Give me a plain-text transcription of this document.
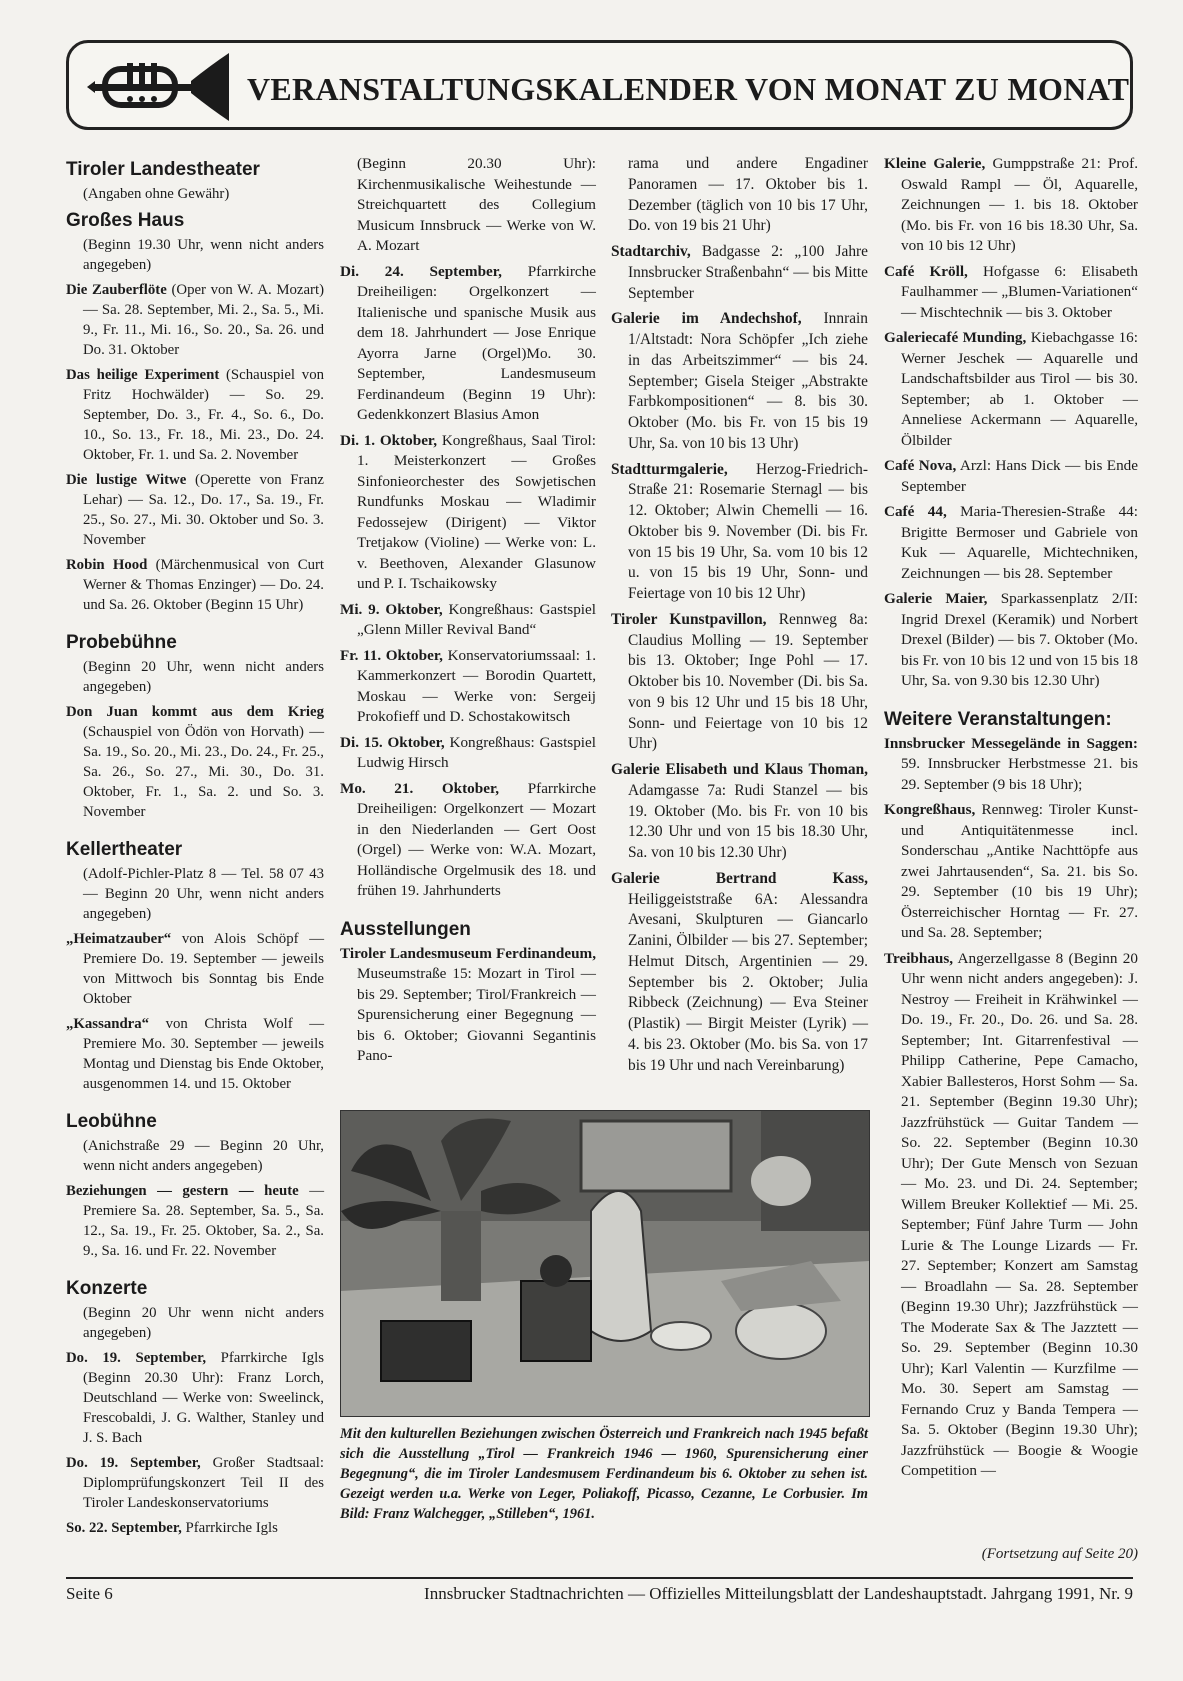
VERANSTALTUNGSKALENDER VON MONAT ZU MONAT
Tiroler Landestheater

(Angaben ohne Gewähr)

Großes Haus

(Beginn 19.30 Uhr, wenn nicht anders angegeben)

Die Zauberflöte (Oper von W. A. Mozart) — Sa. 28. September, Mi. 2., Sa. 5., Mi. 9., Fr. 11., Mi. 16., So. 20., Sa. 26. und Do. 31. Oktober

Das heilige Experiment (Schauspiel von Fritz Hochwälder) — So. 29. September, Do. 3., Fr. 4., So. 6., Do. 10., So. 13., Fr. 18., Mi. 23., Do. 24. Oktober, Fr. 1. und Sa. 2. November

Die lustige Witwe (Operette von Franz Lehar) — Sa. 12., Do. 17., Sa. 19., Fr. 25., So. 27., Mi. 30. Oktober und So. 3. November

Robin Hood (Märchenmusical von Curt Werner & Thomas Enzinger) — Do. 24. und Sa. 26. Oktober (Beginn 15 Uhr)

Probebühne

(Beginn 20 Uhr, wenn nicht anders angegeben)

Don Juan kommt aus dem Krieg (Schauspiel von Ödön von Horvath) — Sa. 19., So. 20., Mi. 23., Do. 24., Fr. 25., Sa. 26., So. 27., Mi. 30., Do. 31. Oktober, Fr. 1., Sa. 2. und So. 3. November

Kellertheater

(Adolf-Pichler-Platz 8 — Tel. 58 07 43 — Beginn 20 Uhr, wenn nicht anders angegeben)

„Heimatzauber“ von Alois Schöpf — Premiere Do. 19. September — jeweils von Mittwoch bis Sonntag bis Ende Oktober

„Kassandra“ von Christa Wolf — Premiere Mo. 30. September — jeweils Montag und Dienstag bis Ende Oktober, ausgenommen 14. und 15. Oktober

Leobühne

(Anichstraße 29 — Beginn 20 Uhr, wenn nicht anders angegeben)

Beziehungen — gestern — heute — Premiere Sa. 28. September, Sa. 5., Sa. 12., Sa. 19., Fr. 25. Oktober, Sa. 2., Sa. 9., Sa. 16. und Fr. 22. November

Konzerte

(Beginn 20 Uhr wenn nicht anders angegeben)

Do. 19. September, Pfarrkirche Igls (Beginn 20.30 Uhr): Franz Lorch, Deutschland — Werke von: Sweelinck, Frescobaldi, J. G. Walther, Stanley und J. S. Bach

Do. 19. September, Großer Stadtsaal: Diplomprüfungskonzert Teil II des Tiroler Landeskonservatoriums

So. 22. September, Pfarrkirche Igls

(Beginn 20.30 Uhr): Kirchenmusikalische Weihestunde — Streichquartett des Collegium Musicum Innsbruck — Werke von W. A. Mozart

Di. 24. September, Pfarrkirche Dreiheiligen: Orgelkonzert — Italienische und spanische Musik aus dem 18. Jahrhundert — Jose Enrique Ayorra Jarne (Orgel)Mo. 30. September, Landesmuseum Ferdinandeum (Beginn 19 Uhr): Gedenkkonzert Blasius Amon

Di. 1. Oktober, Kongreßhaus, Saal Tirol: 1. Meisterkonzert — Großes Sinfonieorchester des Sowjetischen Rundfunks Moskau — Wladimir Fedossejew (Dirigent) — Viktor Tretjakow (Violine) — Werke von: L. v. Beethoven, Alexander Glasunow und P. I. Tschaikowsky

Mi. 9. Oktober, Kongreßhaus: Gastspiel „Glenn Miller Revival Band“

Fr. 11. Oktober, Konservatoriumssaal: 1. Kammerkonzert — Borodin Quartett, Moskau — Werke von: Sergeij Prokofieff und D. Schostakowitsch

Di. 15. Oktober, Kongreßhaus: Gastspiel Ludwig Hirsch

Mo. 21. Oktober, Pfarrkirche Dreiheiligen: Orgelkonzert — Mozart in den Niederlanden — Gert Oost (Orgel) — Werke von: W.A. Mozart, Holländische Orgelmusik des 18. und frühen 19. Jahrhunderts

Ausstellungen

Tiroler Landesmuseum Ferdinandeum, Museumstraße 15: Mozart in Tirol — bis 29. September; Tirol/Frankreich — Spurensicherung einer Begegnung — bis 6. Oktober; Giovanni Segantinis Pano-

rama und andere Engadiner Panoramen — 17. Oktober bis 1. Dezember (täglich von 10 bis 17 Uhr, Do. von 19 bis 21 Uhr)

Stadtarchiv, Badgasse 2: „100 Jahre Innsbrucker Straßenbahn“ — bis Mitte September

Galerie im Andechshof, Innrain 1/Altstadt: Nora Schöpfer „Ich ziehe in das Arbeitszimmer“ — bis 24. September; Gisela Steiger „Abstrakte Farbkompositionen“ — 8. bis 30. Oktober (Mo. bis Fr. von 15 bis 19 Uhr, Sa. von 10 bis 13 Uhr)

Stadtturmgalerie, Herzog-Friedrich-Straße 21: Rosemarie Sternagl — bis 12. Oktober; Alwin Chemelli — 16. Oktober bis 9. November (Di. bis Fr. von 15 bis 19 Uhr, Sa. vom 10 bis 12 u. von 15 bis 19 Uhr, Sonn- und Feiertage von 10 bis 12 Uhr)

Tiroler Kunstpavillon, Rennweg 8a: Claudius Molling — 19. September bis 13. Oktober; Inge Pohl — 17. Oktober bis 10. November (Di. bis Sa. von 9 bis 12 Uhr und 15 bis 18 Uhr, Sonn- und Feiertage von 10 bis 12 Uhr)

Galerie Elisabeth und Klaus Thoman, Adamgasse 7a: Rudi Stanzel — bis 19. Oktober (Mo. bis Fr. von 10 bis 12.30 Uhr und von 15 bis 18.30 Uhr, Sa. von 10 bis 12.30 Uhr)

Galerie Bertrand Kass, Heiliggeiststraße 6A: Alessandra Avesani, Skulpturen — Giancarlo Zanini, Ölbilder — bis 27. September; Helmut Ditsch, Argentinien — 29. September bis 2. Oktober; Julia Ribbeck (Zeichnung) — Eva Steiner (Plastik) — Birgit Meister (Lyrik) — 4. bis 23. Oktober (Mo. bis Sa. von 17 bis 19 Uhr und nach Vereinbarung)

Kleine Galerie, Gumppstraße 21: Prof. Oswald Rampl — Öl, Aquarelle, Zeichnungen — 1. bis 18. Oktober (Mo. bis Fr. von 16 bis 18.30 Uhr, Sa. von 10 bis 12 Uhr)

Café Kröll, Hofgasse 6: Elisabeth Faulhammer — „Blumen-Variationen“ — Mischtechnik — bis 3. Oktober

Galeriecafé Munding, Kiebachgasse 16: Werner Jeschek — Aquarelle und Landschaftsbilder aus Tirol — bis 30. September; ab 1. Oktober — Anneliese Ackermann — Aquarelle, Ölbilder

Café Nova, Arzl: Hans Dick — bis Ende September

Café 44, Maria-Theresien-Straße 44: Brigitte Bermoser und Gabriele von Kuk — Aquarelle, Michtechniken, Zeichnungen — bis 28. September

Galerie Maier, Sparkassenplatz 2/II: Ingrid Drexel (Keramik) und Norbert Drexel (Bilder) — bis 7. Oktober (Mo. bis Fr. von 10 bis 12 und von 15 bis 18 Uhr, Sa. von 9.30 bis 12.30 Uhr)

Weitere Veranstaltungen:

Innsbrucker Messegelände in Saggen: 59. Innsbrucker Herbstmesse 21. bis 29. September (9 bis 18 Uhr);

Kongreßhaus, Rennweg: Tiroler Kunst- und Antiquitätenmesse incl. Sonderschau „Antike Nachttöpfe aus zwei Jahrtausenden“, Sa. 21. bis So. 29. September (10 bis 19 Uhr); Österreichischer Horntag — Fr. 27. und Sa. 28. September;

Treibhaus, Angerzellgasse 8 (Beginn 20 Uhr wenn nicht anders angegeben): J. Nestroy — Freiheit in Krähwinkel — Do. 19., Fr. 20., Do. 26. und Sa. 28. September; Int. Gitarrenfestival — Philipp Catherine, Pepe Camacho, Xabier Ballesteros, Horst Sohm — Sa. 21. September (Beginn 19.30 Uhr); Jazzfrühstück — Guitar Tandem — So. 22. September (Beginn 10.30 Uhr); Der Gute Mensch von Sezuan — Mo. 23. und Di. 24. September; Willem Breuker Kollektief — Mi. 25. September; Fünf Jahre Turm — John Lurie & The Lounge Lizards — Fr. 27. September; Konzert am Samstag — Broadlahn — Sa. 28. September (Beginn 19.30 Uhr); Jazzfrühstück — The Moderate Sax & The Jazztett — So. 29. September (Beginn 10.30 Uhr); Karl Valentin — Kurzfilme — Mo. 30. Sepert am Samstag — Fernando Cruz y Banda Tempera — Sa. 5. Oktober (Beginn 19.30 Uhr); Jazzfrühstück — Boogie & Woogie Competition —

Mit den kulturellen Beziehungen zwischen Österreich und Frankreich nach 1945 befaßt sich die Ausstellung „Tirol — Frankreich 1946 — 1960, Spurensicherung einer Begegnung“, die im Tiroler Landesmusem Ferdinandeum bis 6. Oktober zu sehen ist. Gezeigt werden u.a. Werke von Leger, Poliakoff, Picasso, Cezanne, Le Corbusier. Im Bild: Franz Walchegger, „Stilleben“, 1961.
(Fortsetzung auf Seite 20)
Seite 6	Innsbrucker Stadtnachrichten — Offizielles Mitteilungsblatt der Landeshauptstadt. Jahrgang 1991, Nr. 9
